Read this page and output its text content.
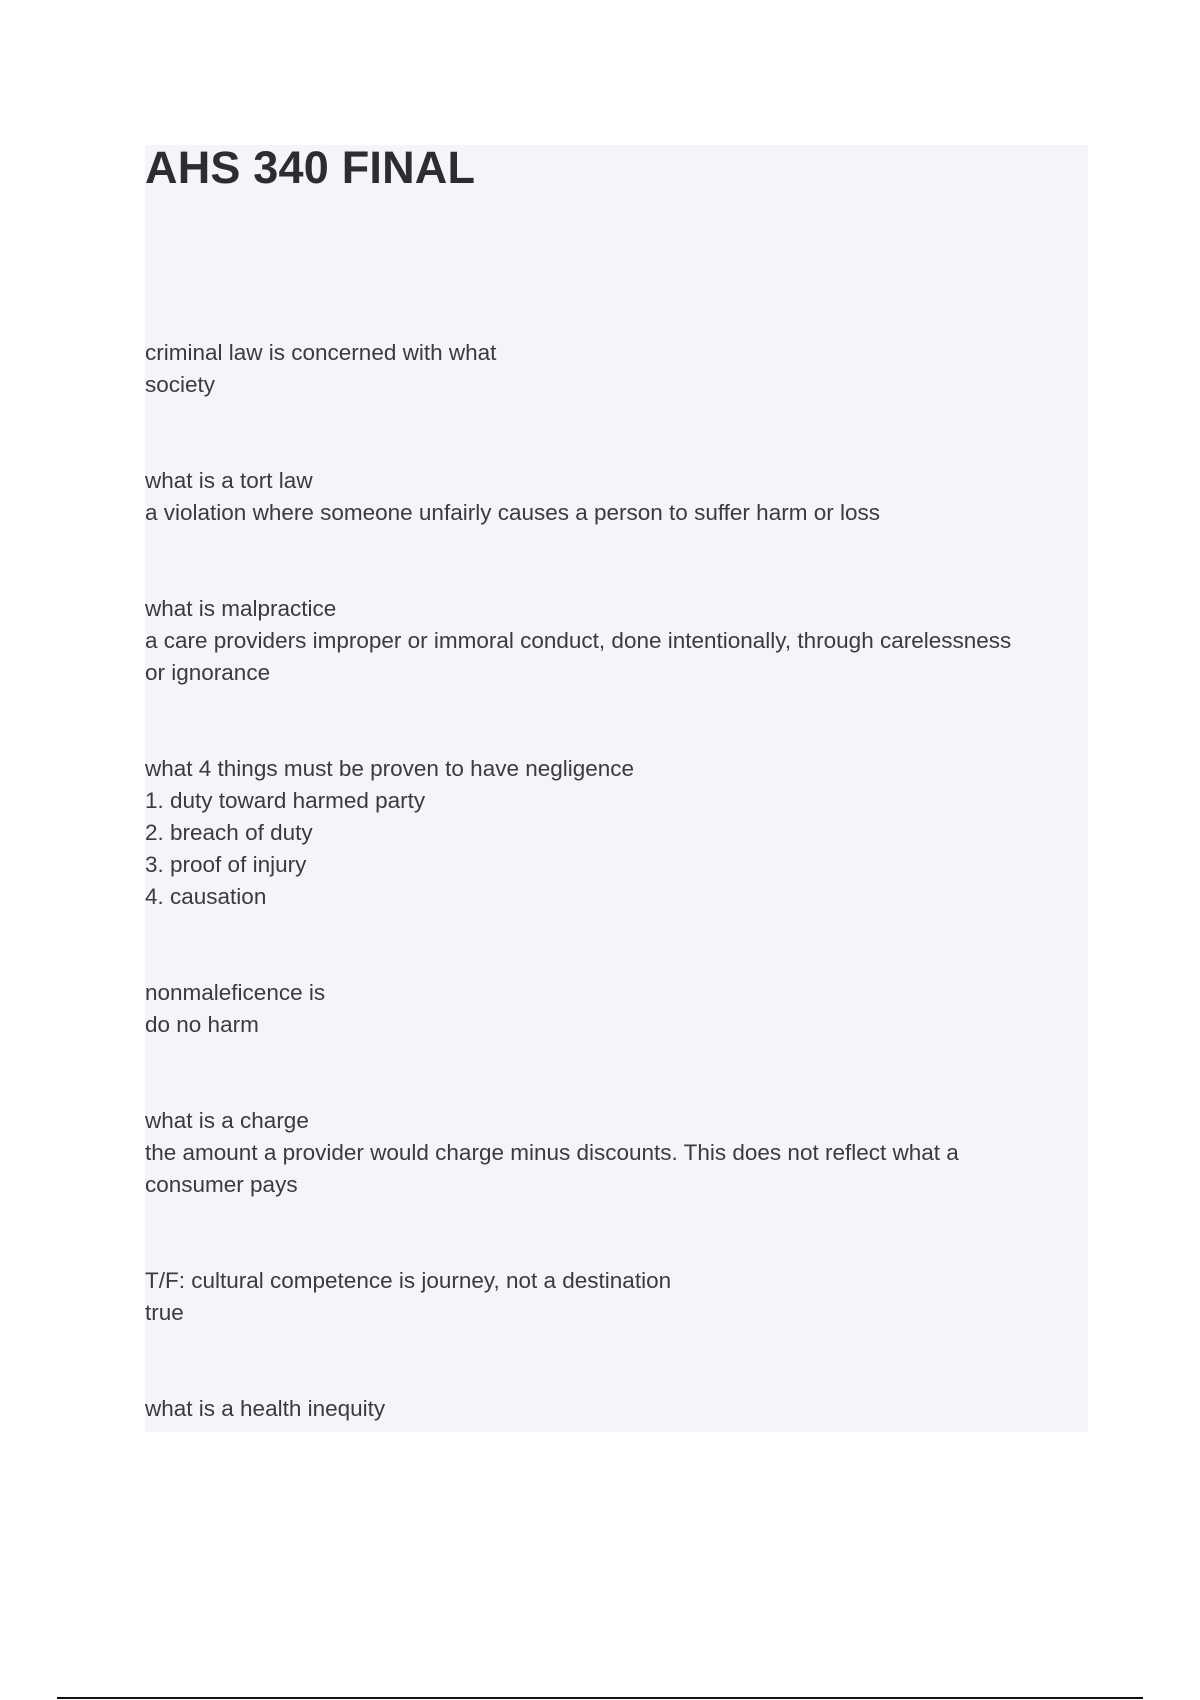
AHS 340 FINAL
criminal law is concerned with what
society
what is a tort law
a violation where someone unfairly causes a person to suffer harm or loss
what is malpractice
a care providers improper or immoral conduct, done intentionally, through carelessness
or ignorance
what 4 things must be proven to have negligence
1. duty toward harmed party
2. breach of duty
3. proof of injury
4. causation
nonmaleficence is
do no harm
what is a charge
the amount a provider would charge minus discounts. This does not reflect what a
consumer pays
T/F: cultural competence is journey, not a destination
true
what is a health inequity
